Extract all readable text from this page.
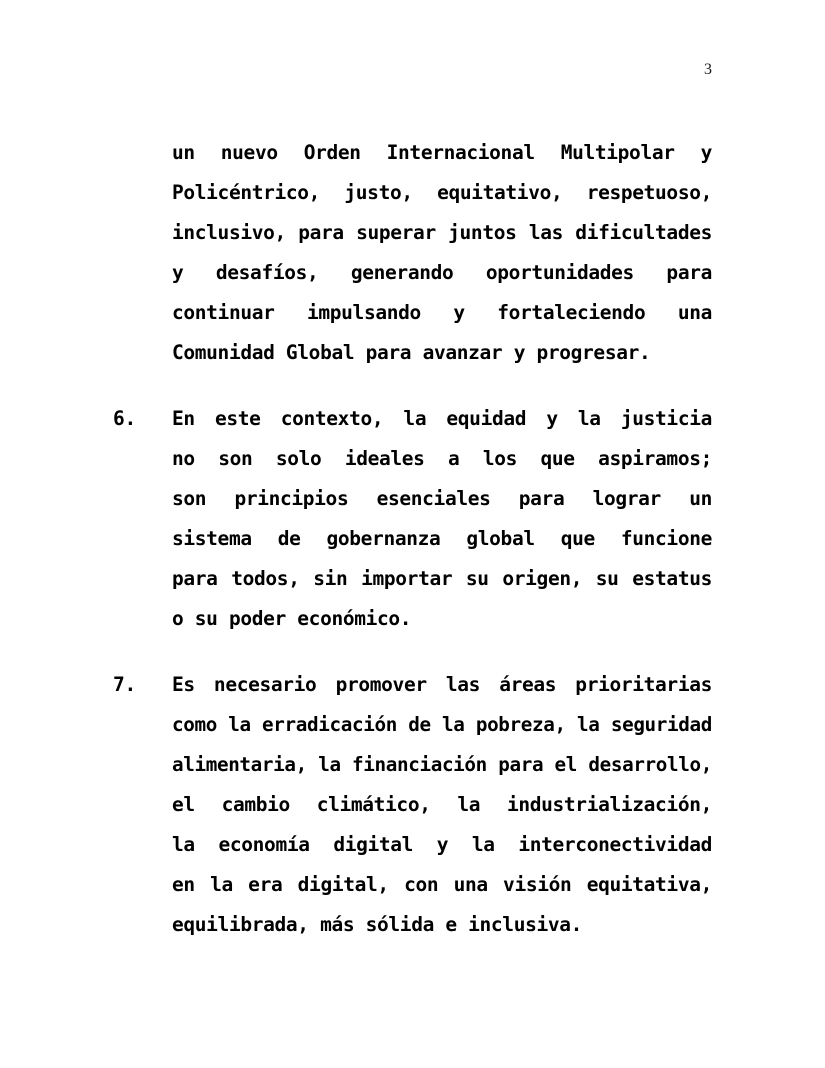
3
un nuevo Orden Internacional Multipolar y
Policéntrico, justo, equitativo, respetuoso,
inclusivo, para superar juntos las dificultades
y desafíos, generando oportunidades para
continuar impulsando y fortaleciendo una
Comunidad Global para avanzar y progresar.
6.	En este contexto, la equidad y la justicia
no son solo ideales a los que aspiramos;
son principios esenciales para lograr un
sistema de gobernanza global que funcione
para todos, sin importar su origen, su estatus
o su poder económico.
7.	Es necesario promover las áreas prioritarias
como la erradicación de la pobreza, la seguridad
alimentaria, la financiación para el desarrollo,
el cambio climático, la industrialización,
la economía digital y la interconectividad
en la era digital, con una visión equitativa,
equilibrada, más sólida e inclusiva.
